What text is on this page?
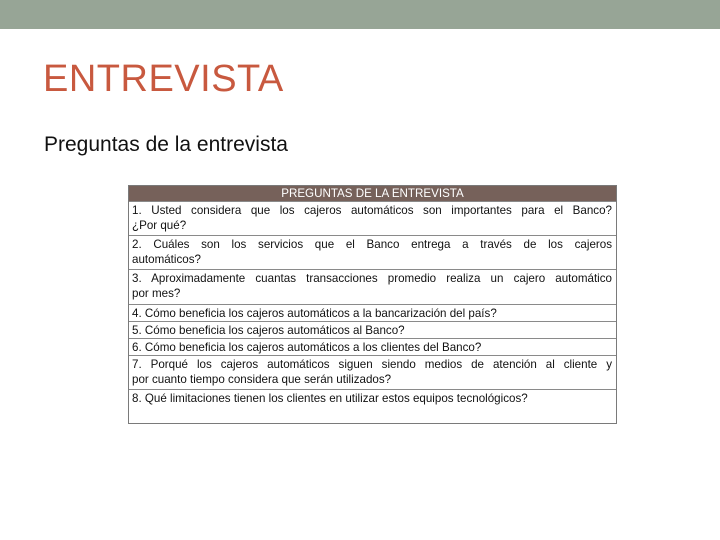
ENTREVISTA
Preguntas de la entrevista
PREGUNTAS DE LA ENTREVISTA
1. Usted considera que los cajeros automáticos son importantes para el Banco?
¿Por qué?
2. Cuáles son los servicios que el Banco entrega a través de los cajeros
automáticos?
3. Aproximadamente cuantas transacciones promedio realiza un cajero automático
por mes?
4. Cómo beneficia los cajeros automáticos a la bancarización del país?
5. Cómo beneficia los cajeros automáticos al Banco?
6. Cómo beneficia los cajeros automáticos a los clientes del Banco?
7. Porqué los cajeros automáticos siguen siendo medios de atención al cliente y
por cuanto tiempo considera que serán utilizados?
8. Qué limitaciones tienen los clientes en utilizar estos equipos tecnológicos?
